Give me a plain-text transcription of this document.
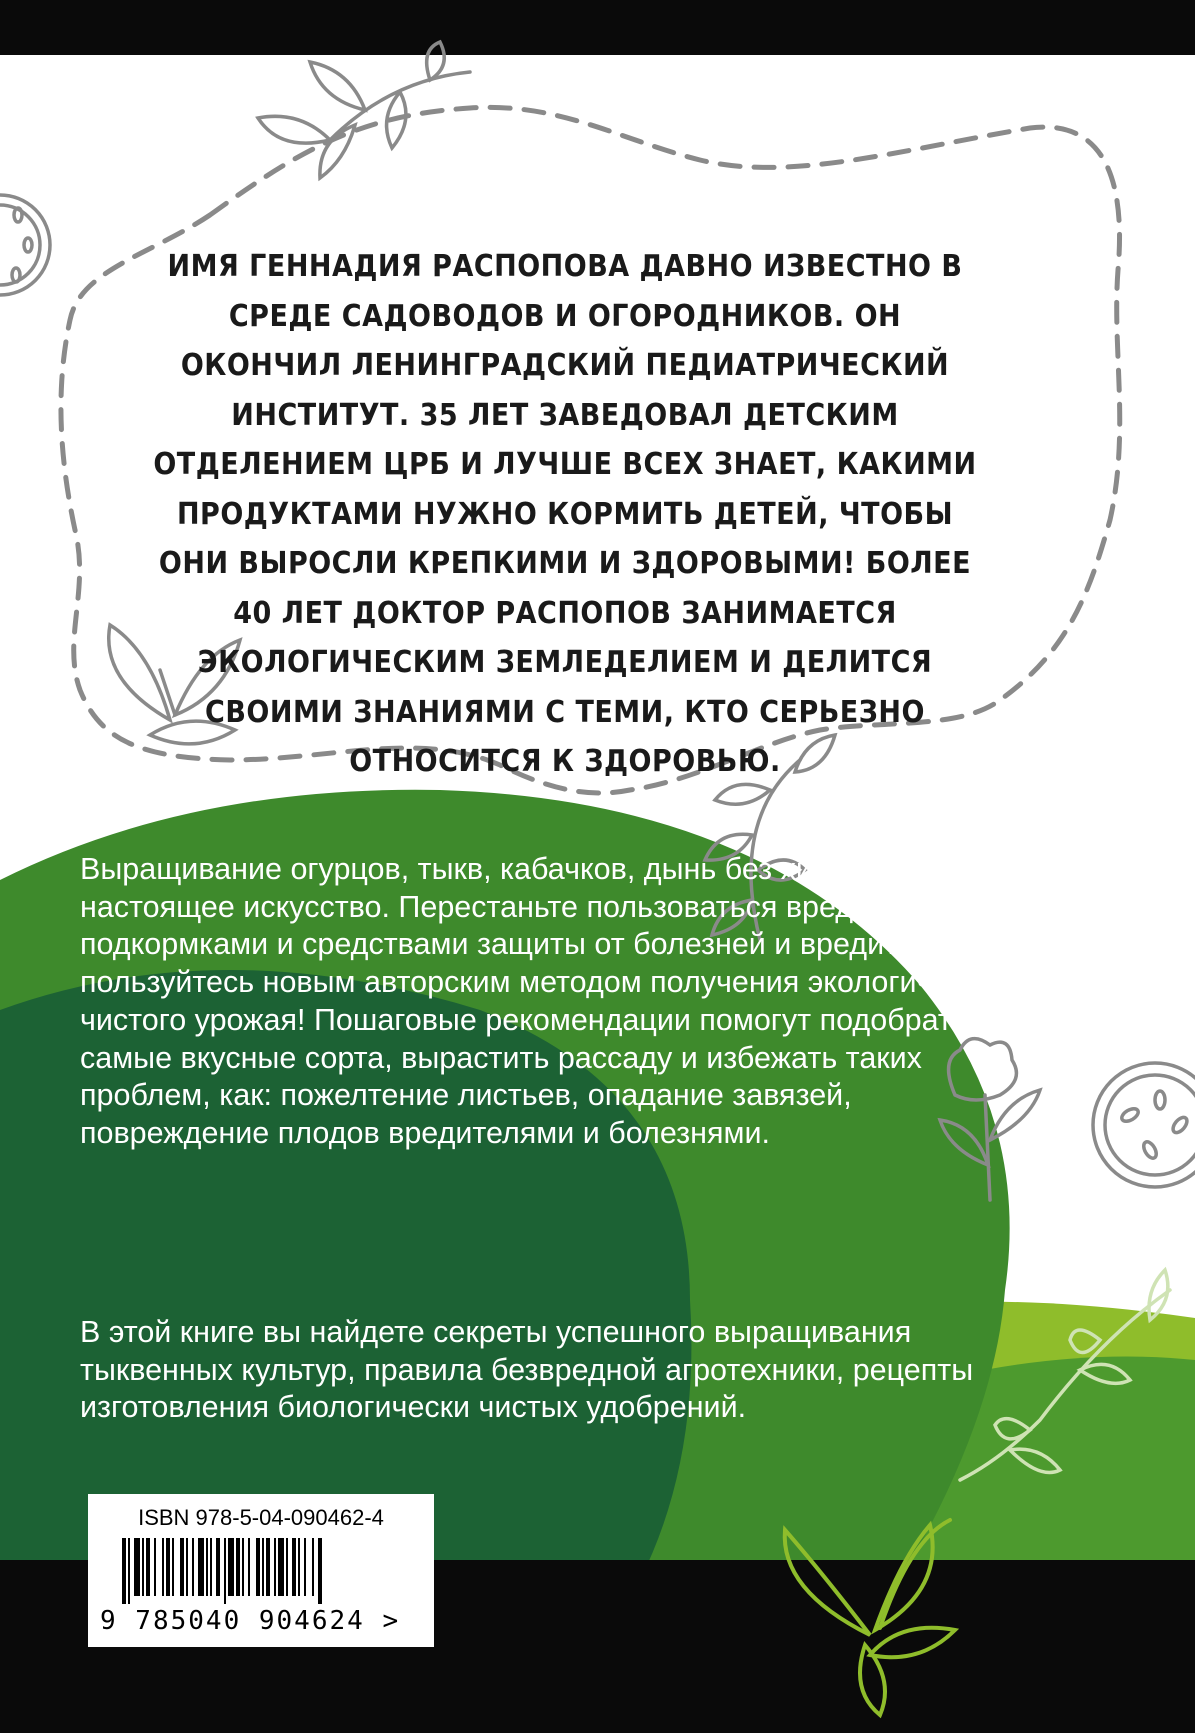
ИМЯ ГЕННАДИЯ РАСПОПОВА ДАВНО ИЗВЕСТНО В СРЕДЕ САДОВОДОВ И ОГОРОДНИКОВ. ОН ОКОНЧИЛ ЛЕНИНГРАДСКИЙ ПЕДИАТРИЧЕСКИЙ ИНСТИТУТ. 35 ЛЕТ ЗАВЕДОВАЛ ДЕТСКИМ ОТДЕЛЕНИЕМ ЦРБ И ЛУЧШЕ ВСЕХ ЗНАЕТ, КАКИМИ ПРОДУКТАМИ НУЖНО КОРМИТЬ ДЕТЕЙ, ЧТОБЫ ОНИ ВЫРОСЛИ КРЕПКИМИ И ЗДОРОВЫМИ! БОЛЕЕ 40 ЛЕТ ДОКТОР РАСПОПОВ ЗАНИМАЕТСЯ ЭКОЛОГИЧЕСКИМ ЗЕМЛЕДЕЛИЕМ И ДЕЛИТСЯ СВОИМИ ЗНАНИЯМИ С ТЕМИ, КТО СЕРЬЕЗНО ОТНОСИТСЯ К ЗДОРОВЬЮ.

Выращивание огурцов, тыкв, кабачков, дынь без химии – настоящее искусство. Перестаньте пользоваться вредными подкормками и средствами защиты от болезней и вредителей, пользуйтесь новым авторским методом получения экологически чистого урожая! Пошаговые рекомендации помогут подобрать самые вкусные сорта, вырастить рассаду и избежать таких проблем, как: пожелтение листьев, опадание завязей, повреждение плодов вредителями и болезнями.

В этой книге вы найдете секреты успешного выращивания тыквенных культур, правила безвредной агротехники, рецепты изготовления биологически чистых удобрений.

ISBN 978-5-04-090462-4
9 785040 904624 >
